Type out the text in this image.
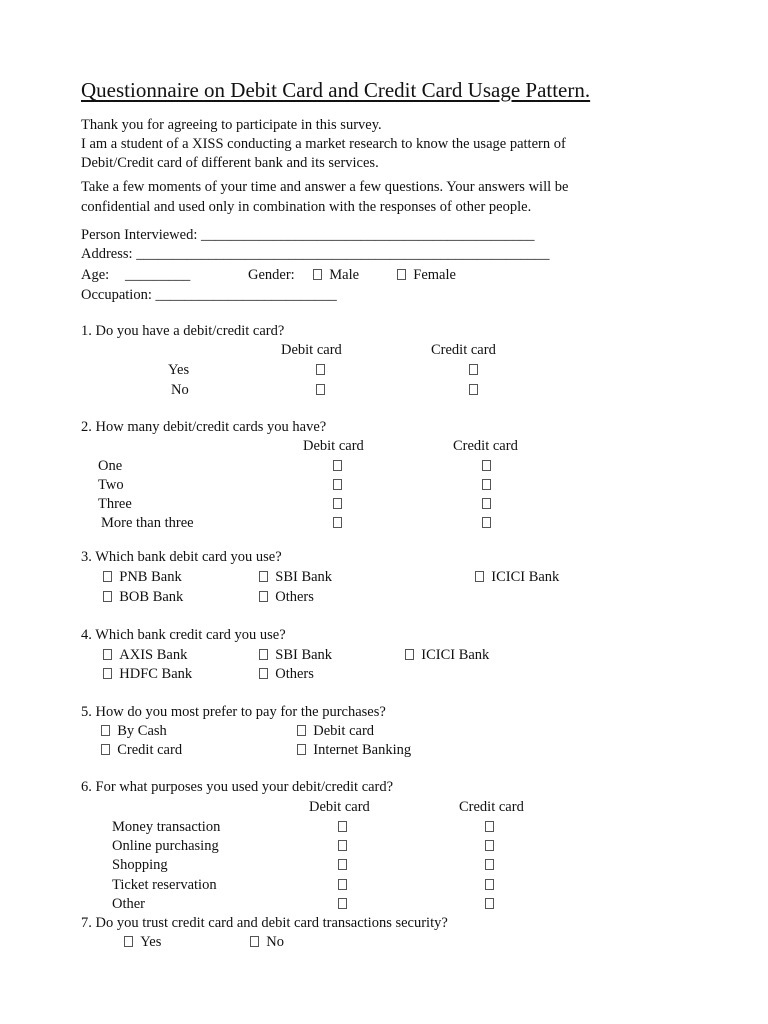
Questionnaire on Debit Card and Credit Card Usage Pattern.
Thank you for agreeing to participate in this survey.
I am a student of a XISS conducting a market research to know the usage pattern of
Debit/Credit card of different bank and its services.
Take a few moments of your time and answer a few questions. Your answers will be
confidential and used only in combination with the responses of other people.
Person Interviewed: ______________________________________________
Address: _________________________________________________________
Age: _________	Gender:	Male	Female
Occupation: _________________________
1. Do you have a debit/credit card?
Debit card	Credit card
Yes
No
2. How many debit/credit cards you have?
Debit card	Credit card
One
Two
Three
More than three
3. Which bank debit card you use?
PNB Bank	SBI Bank	ICICI Bank
BOB Bank	Others
4. Which bank credit card you use?
AXIS Bank	SBI Bank	ICICI Bank
HDFC Bank	Others
5. How do you most prefer to pay for the purchases?
By Cash	Debit card
Credit card	Internet Banking
6. For what purposes you used your debit/credit card?
Debit card	Credit card
Money transaction
Online purchasing
Shopping
Ticket reservation
Other
7. Do you trust credit card and debit card transactions security?
Yes	No
